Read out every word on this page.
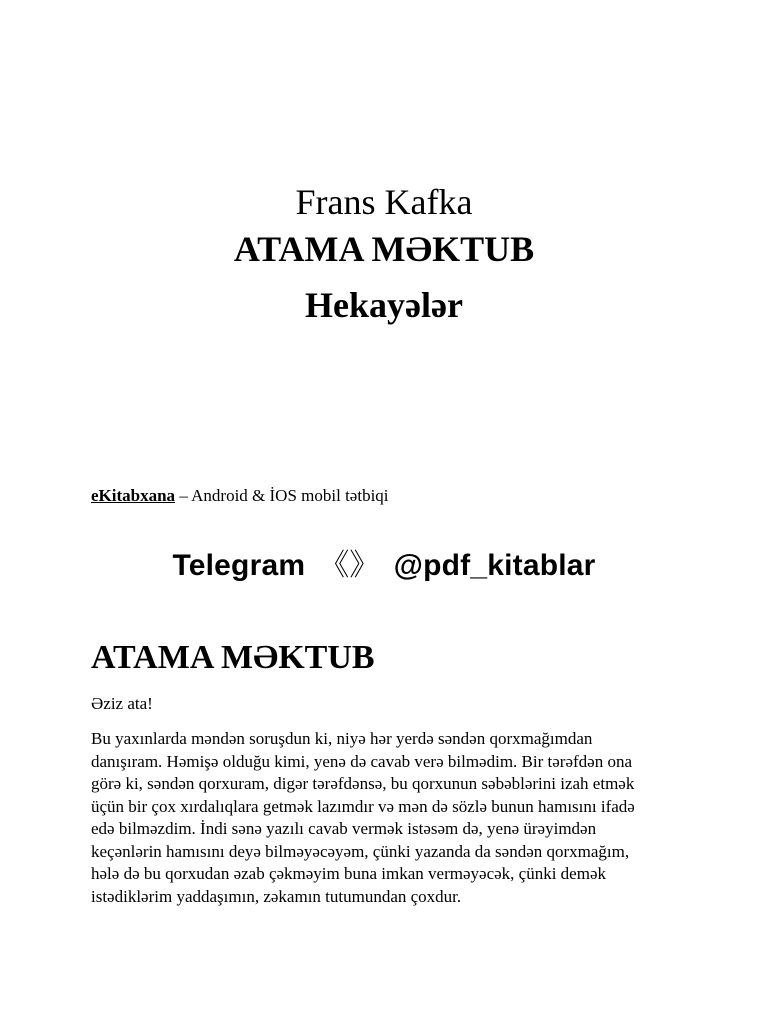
Frans Kafka
ATAMA MƏKTUB
Hekayələr
eKitabxana – Android & İOS mobil tətbiqi
Telegram 《》 @pdf_kitablar
ATAMA MƏKTUB
Əziz ata!
Bu yaxınlarda məndən soruşdun ki, niyə hər yerdə səndən qorxmağımdan
danışıram. Həmişə olduğu kimi, yenə də cavab verə bilmədim. Bir tərəfdən ona
görə ki, səndən qorxuram, digər tərəfdənsə, bu qorxunun səbəblərini izah etmək
üçün bir çox xırdalıqlara getmək lazımdır və mən də sözlə bunun hamısını ifadə
edə bilməzdim. İndi sənə yazılı cavab vermək istəsəm də, yenə ürəyimdən
keçənlərin hamısını deyə bilməyəcəyəm, çünki yazanda da səndən qorxmağım,
hələ də bu qorxudan əzab çəkməyim buna imkan verməyəcək, çünki demək
istədiklərim yaddaşımın, zəkamın tutumundan çoxdur.
